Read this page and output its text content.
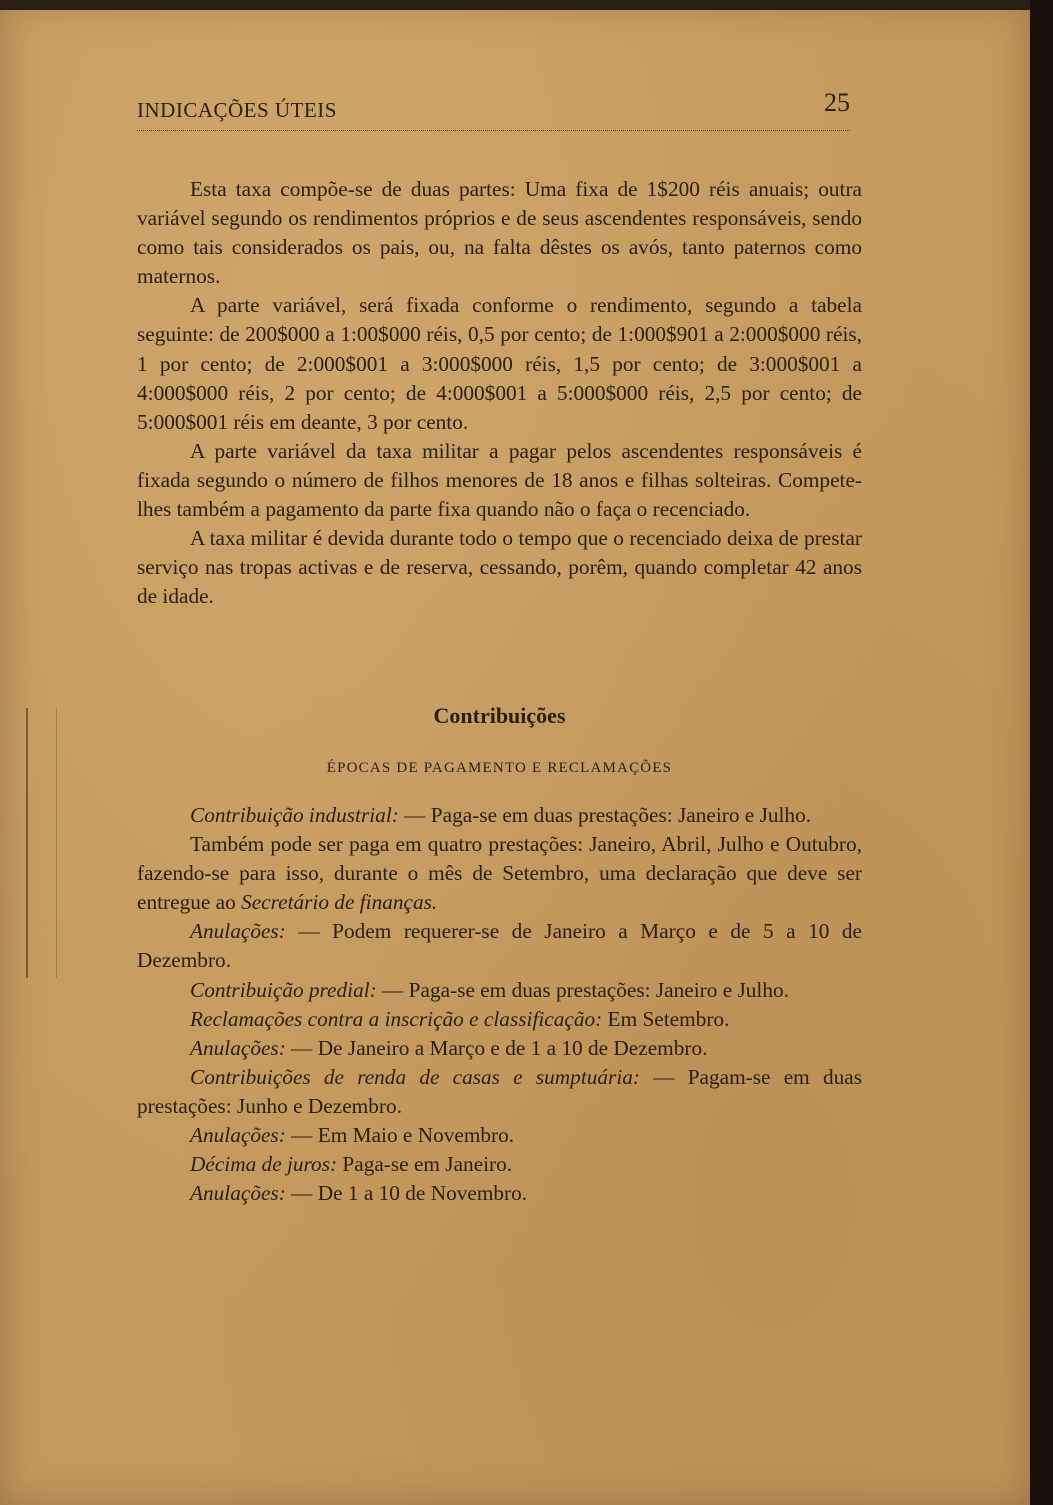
INDICAÇÕES ÚTEIS	25

Esta taxa compõe-se de duas partes: Uma fixa de 1$200 réis anuais; outra variável segundo os rendimentos próprios e de seus ascendentes responsáveis, sendo como tais considerados os pais, ou, na falta dêstes os avós, tanto paternos como maternos.

A parte variável, será fixada conforme o rendimento, segundo a tabela seguinte: de 200$000 a 1:00$000 réis, 0,5 por cento; de 1:000$901 a 2:000$000 réis, 1 por cento; de 2:000$001 a 3:000$000 réis, 1,5 por cento; de 3:000$001 a 4:000$000 réis, 2 por cento; de 4:000$001 a 5:000$000 réis, 2,5 por cento; de 5:000$001 réis em deante, 3 por cento.

A parte variável da taxa militar a pagar pelos ascendentes responsáveis é fixada segundo o número de filhos menores de 18 anos e filhas solteiras. Compete-lhes também a pagamento da parte fixa quando não o faça o recenciado.

A taxa militar é devida durante todo o tempo que o recenciado deixa de prestar serviço nas tropas activas e de reserva, cessando, porêm, quando completar 42 anos de idade.

Contribuições
ÉPOCAS DE PAGAMENTO E RECLAMAÇÕES

Contribuição industrial: — Paga-se em duas prestações: Janeiro e Julho.

Também pode ser paga em quatro prestações: Janeiro, Abril, Julho e Outubro, fazendo-se para isso, durante o mês de Setembro, uma declaração que deve ser entregue ao Secretário de finanças.

Anulações: — Podem requerer-se de Janeiro a Março e de 5 a 10 de Dezembro.

Contribuição predial: — Paga-se em duas prestações: Janeiro e Julho.

Reclamações contra a inscrição e classificação: Em Setembro.

Anulações: — De Janeiro a Março e de 1 a 10 de Dezembro.

Contribuições de renda de casas e sumptuária: — Pagam-se em duas prestações: Junho e Dezembro.

Anulações: — Em Maio e Novembro.

Décima de juros: Paga-se em Janeiro.

Anulações: — De 1 a 10 de Novembro.
